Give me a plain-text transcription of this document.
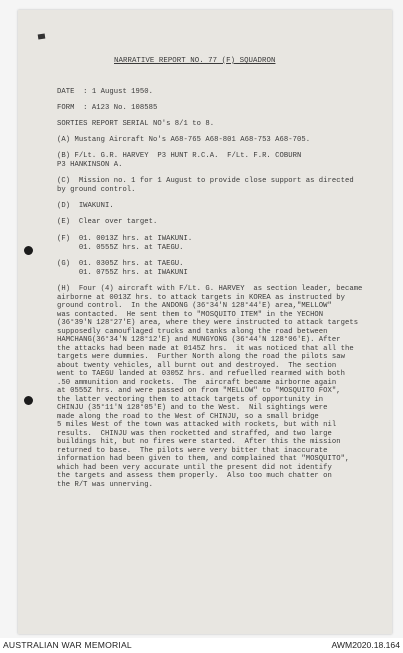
NARRATIVE REPORT NO. 77 (F) SQUADRON
DATE  : 1 August 1950.
FORM  : A123 No. 108585
SORTIES REPORT SERIAL NO's 8/1 to 8.
(A) Mustang Aircraft No's A68-765 A68-801 A68-753 A68-705.
(B) F/Lt. G.R. HARVEY  P3 HUNT R.C.A.  F/Lt. F.R. COBURN
P3 HANKINSON A.
(C)  Mission no. 1 for 1 August to provide close support as directed
by ground control.
(D)  IWAKUNI.
(E)  Clear over target.
(F)  01. 0013Z hrs. at IWAKUNI.
01. 0555Z hrs. at TAEGU.
(G)  01. 0305Z hrs. at TAEGU.
01. 0755Z hrs. at IWAKUNI
(H)  Four (4) aircraft with F/Lt. G. HARVEY  as section leader, became
airborne at 0013Z hrs. to attack targets in KOREA as instructed by
ground control.  In the ANDONG (36°34'N 128°44'E) area,"MELLOW"
was contacted.  He sent them to "MOSQUITO ITEM" in the YECHON
(36°39'N 128°27'E) area, where they were instructed to attack targets
supposedly camouflaged trucks and tanks along the road between
HAMCHANG(36°34'N 128°12'E) and MUNGYONG (36°44'N 128°06'E). After
the attacks had been made at 0145Z hrs.  it was noticed that all the
targets were dummies.  Further North along the road the pilots saw
about twenty vehicles, all burnt out and destroyed.  The section
went to TAEGU landed at 0305Z hrs. and refuelled rearmed with both
.50 ammunition and rockets.  The  aircraft became airborne again
at 0555Z hrs. and were passed on from "MELLOW" to "MOSQUITO FOX",
the latter vectoring them to attack targets of opportunity in
CHINJU (35°11'N 128°05'E) and to the West.  Nil sightings were
made along the road to the West of CHINJU, so a small bridge
5 miles West of the town was attacked with rockets, but with nil
results.  CHINJU was then rocketted and straffed, and two large
buildings hit, but no fires were started.  After this the mission
returned to base.  The pilots were very bitter that inaccurate
information had been given to them, and complained that "MOSQUITO",
which had been very accurate until the present did not identify
the targets and assess them properly.  Also too much chatter on
the R/T was unnerving.
AUSTRALIAN WAR MEMORIAL	AWM2020.18.164
